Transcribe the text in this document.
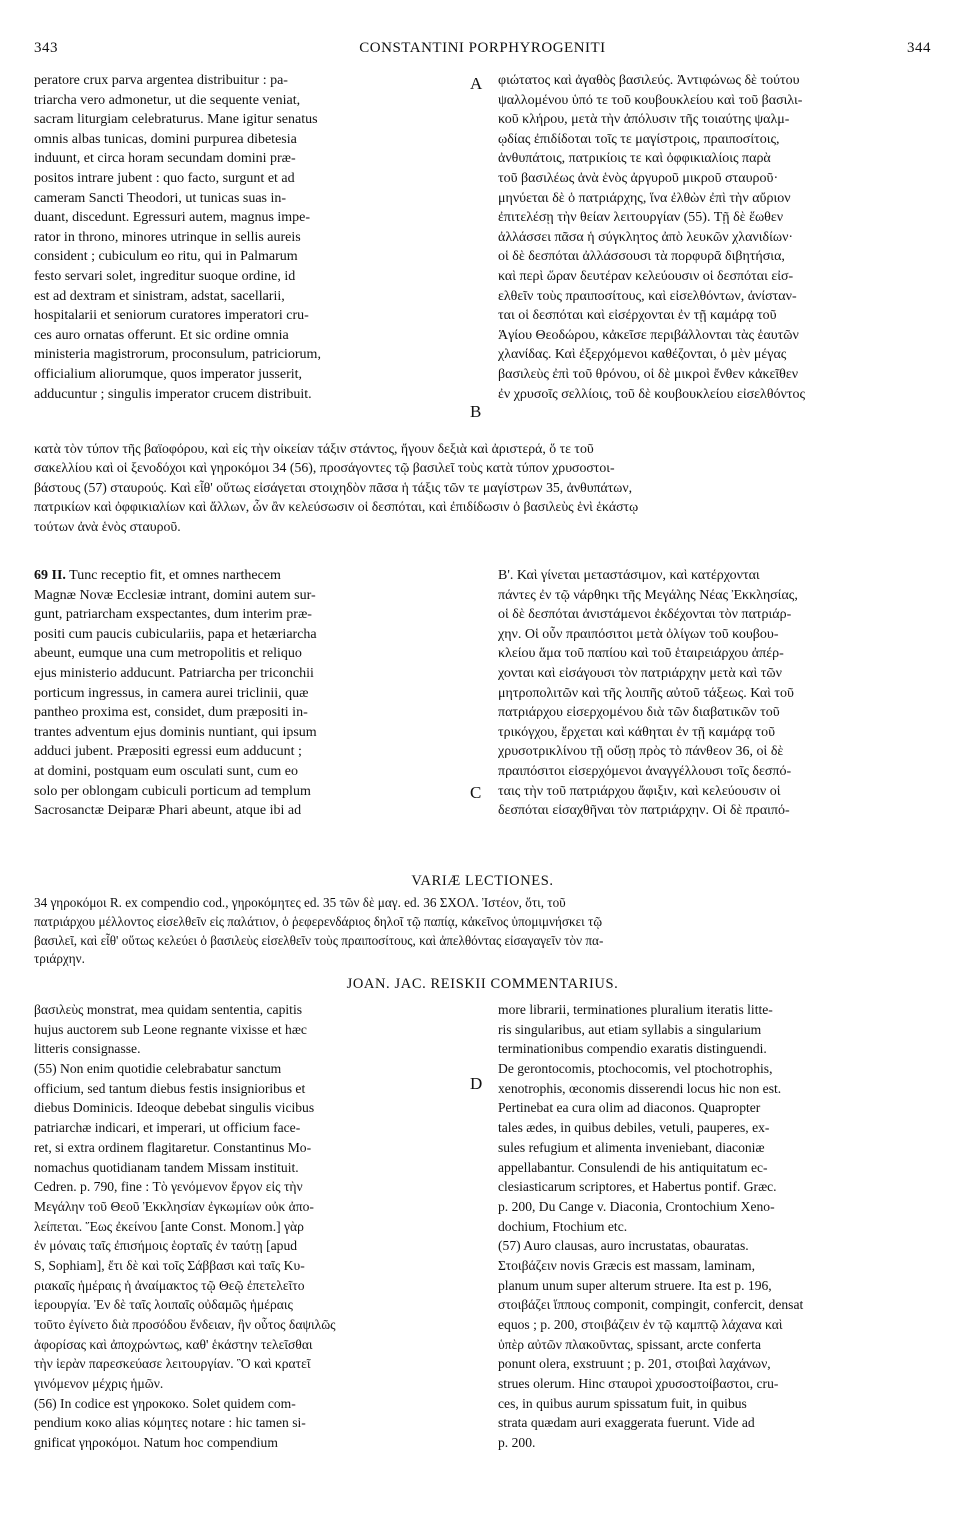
343	CONSTANTINI PORPHYROGENITI	344
peratore crux parva argentea distribuitur : pa-
triarcha vero admonetur, ut die sequente veniat,
sacram liturgiam celebraturus. Mane igitur senatus
omnis albas tunicas, domini purpurea dibetesia
induunt, et circa horam secundam domini præ-
positos intrare jubent : quo facto, surgunt et ad
cameram Sancti Theodori, ut tunicas suas in-
duant, discedunt. Egressuri autem, magnus impe-
rator in throno, minores utrinque in sellis aureis
consident ; cubiculum eo ritu, qui in Palmarum
festo servari solet, ingreditur suoque ordine, id
est ad dextram et sinistram, adstat, sacellarii,
hospitalarii et seniorum curatores imperatori cru-
ces auro ornatas offerunt. Et sic ordine omnia
ministeria magistrorum, proconsulum, patriciorum,
officialium aliorumque, quos imperator jusserit,
adducuntur ; singulis imperator crucem distribuit.
φιώτατος καὶ ἀγαθὸς βασιλεύς. Ἀντιφώνως δὲ τούτου
ψαλλομένου ὑπό τε τοῦ κουβουκλείου καὶ τοῦ βασιλι-
κοῦ κλήρου, μετὰ τὴν ἀπόλυσιν τῆς τοιαύτης ψαλμ-
ῳδίας ἐπιδίδοται τοῖς τε μαγίστροις, πραιποσίτοις,
ἀνθυπάτοις, πατρικίοις τε καὶ ὀφφικιαλίοις παρὰ
τοῦ βασιλέως ἀνὰ ἑνὸς ἀργυροῦ μικροῦ σταυροῦ·
μηνύεται δὲ ὁ πατριάρχης, ἵνα ἐλθὼν ἐπὶ τὴν αὔριον
ἐπιτελέσῃ τὴν θείαν λειτουργίαν (55). Τῇ δὲ ἕωθεν
ἀλλάσσει πᾶσα ἡ σύγκλητος ἀπὸ λευκῶν χλανιδίων·
οἱ δὲ δεσπόται ἀλλάσσουσι τὰ πορφυρᾶ διβητήσια,
καὶ περὶ ὥραν δευτέραν κελεύουσιν οἱ δεσπόται εἰσ-
ελθεῖν τοὺς πραιποσίτους, καὶ εἰσελθόντων, ἀνίσταν-
ται οἱ δεσπόται καὶ εἰσέρχονται ἐν τῇ καμάρᾳ τοῦ
Ἁγίου Θεοδώρου, κἀκεῖσε περιβάλλονται τὰς ἑαυτῶν
χλανίδας. Καὶ ἐξερχόμενοι καθέζονται, ὁ μὲν μέγας
βασιλεὺς ἐπὶ τοῦ θρόνου, οἱ δὲ μικροὶ ἔνθεν κἀκεῖθεν
ἐν χρυσοῖς σελλίοις, τοῦ δὲ κουβουκλείου εἰσελθόντος
A
B
κατὰ τὸν τύπον τῆς βαϊοφόρου, καὶ εἰς τὴν οἰκείαν τάξιν στάντος, ἤγουν δεξιὰ καὶ ἀριστερά, ὅ τε τοῦ
σακελλίου καὶ οἱ ξενοδόχοι καὶ γηροκόμοι 34 (56), προσάγοντες τῷ βασιλεῖ τοὺς κατὰ τύπον χρυσοστοι-
βάστους (57) σταυρούς. Καὶ εἶθ' οὕτως εἰσάγεται στοιχηδὸν πᾶσα ἡ τάξις τῶν τε μαγίστρων 35, ἀνθυπάτων,
πατρικίων καὶ ὀφφικιαλίων καὶ ἄλλων, ὧν ἂν κελεύσωσιν οἱ δεσπόται, καὶ ἐπιδίδωσιν ὁ βασιλεὺς ἑνὶ ἑκάστῳ
τούτων ἀνὰ ἑνὸς σταυροῦ.
69 II. Tunc receptio fit, et omnes narthecem
Magnæ Novæ Ecclesiæ intrant, domini autem sur-
gunt, patriarcham exspectantes, dum interim præ-
positi cum paucis cubiculariis, papa et hetæriarcha
abeunt, eumque una cum metropolitis et reliquo
ejus ministerio adducunt. Patriarcha per triconchii
porticum ingressus, in camera aurei triclinii, quæ
pantheo proxima est, considet, dum præpositi in-
trantes adventum ejus dominis nuntiant, qui ipsum
adduci jubent. Præpositi egressi eum adducunt ;
at domini, postquam eum osculati sunt, cum eo
solo per oblongam cubiculi porticum ad templum
Sacrosanctæ Deiparæ Phari abeunt, atque ibi ad
Β'. Καὶ γίνεται μεταστάσιμον, καὶ κατέρχονται
πάντες ἐν τῷ νάρθηκι τῆς Μεγάλης Νέας Ἐκκλησίας,
οἱ δὲ δεσπόται ἀνιστάμενοι ἐκδέχονται τὸν πατριάρ-
χην. Οἱ οὖν πραιπόσιτοι μετὰ ὀλίγων τοῦ κουβου-
κλείου ἅμα τοῦ παπίου καὶ τοῦ ἑταιρειάρχου ἀπέρ-
χονται καὶ εἰσάγουσι τὸν πατριάρχην μετὰ καὶ τῶν
μητροπολιτῶν καὶ τῆς λοιπῆς αὐτοῦ τάξεως. Καὶ τοῦ
πατριάρχου εἰσερχομένου διὰ τῶν διαβατικῶν τοῦ
τρικόγχου, ἔρχεται καὶ κάθηται ἐν τῇ καμάρᾳ τοῦ
χρυσοτρικλίνου τῇ οὔσῃ πρὸς τὸ πάνθεον 36, οἱ δὲ
πραιπόσιτοι εἰσερχόμενοι ἀναγγέλλουσι τοῖς δεσπό-
ταις τὴν τοῦ πατριάρχου ἄφιξιν, καὶ κελεύουσιν οἱ
δεσπόται εἰσαχθῆναι τὸν πατριάρχην. Οἱ δὲ πραιπό-
C
VARIÆ LECTIONES.
34 γηροκόμοι R. ex compendio cod., γηροκόμητες ed. 35 τῶν δὲ μαγ. ed. 36 ΣΧΟΛ. Ἰστέον, ὅτι, τοῦ
πατριάρχου μέλλοντος εἰσελθεῖν εἰς παλάτιον, ὁ ῥεφερενδάριος δηλοῖ τῷ παπίᾳ, κἀκεῖνος ὑπομιμνήσκει τῷ
βασιλεῖ, καὶ εἶθ' οὕτως κελεύει ὁ βασιλεὺς εἰσελθεῖν τοὺς πραιποσίτους, καὶ ἀπελθόντας εἰσαγαγεῖν τὸν πα-
τριάρχην.
JOAN. JAC. REISKII COMMENTARIUS.
βασιλεὺς monstrat, mea quidam sententia, capitis
hujus auctorem sub Leone regnante vixisse et hæc
litteris consignasse.
(55) Non enim quotidie celebrabatur sanctum
officium, sed tantum diebus festis insignioribus et
diebus Dominicis. Ideoque debebat singulis vicibus
patriarchæ indicari, et imperari, ut officium face-
ret, si extra ordinem flagitaretur. Constantinus Mo-
nomachus quotidianam tandem Missam instituit.
Cedren. p. 790, fine : Τὸ γενόμενον ἔργον εἰς τὴν
Μεγάλην τοῦ Θεοῦ Ἐκκλησίαν ἐγκωμίων οὐκ ἀπο-
λείπεται. Ἕως ἐκείνου [ante Const. Monom.] γὰρ
ἐν μόναις ταῖς ἐπισήμοις ἑορταῖς ἐν ταύτῃ [apud
S, Sophiam], ἔτι δὲ καὶ τοῖς Σάββασι καὶ ταῖς Κυ-
ριακαῖς ἡμέραις ἡ ἀναίμακτος τῷ Θεῷ ἐπετελεῖτο
ἱερουργία. Ἐν δὲ ταῖς λοιπαῖς οὐδαμῶς ἡμέραις
τοῦτο ἐγίνετο διὰ προσόδου ἔνδειαν, ἣν οὗτος δαψιλῶς
ἀφορίσας καὶ ἀποχρώντως, καθ' ἑκάστην τελεῖσθαι
τὴν ἱερὰν παρεσκεύασε λειτουργίαν. Ὃ καὶ κρατεῖ
γινόμενον μέχρις ἡμῶν.
(56) In codice est γηροκοκο. Solet quidem com-
pendium κοκο alias κόμητες notare : hic tamen si-
gnificat γηροκόμοι. Natum hoc compendium
more librarii, terminationes pluralium iteratis litte-
ris singularibus, aut etiam syllabis a singularium
terminationibus compendio exaratis distinguendi.
De gerontocomis, ptochocomis, vel ptochotrophis,
xenotrophis, œconomis disserendi locus hic non est.
Pertinebat ea cura olim ad diaconos. Quapropter
tales ædes, in quibus debiles, vetuli, pauperes, ex-
sules refugium et alimenta inveniebant, diaconiæ
appellabantur. Consulendi de his antiquitatum ec-
clesiasticarum scriptores, et Habertus pontif. Græc.
p. 200, Du Cange v. Diaconia, Crontochium Xeno-
dochium, Ftochium etc.
(57) Auro clausas, auro incrustatas, obauratas.
Στοιβάζειν novis Græcis est massam, laminam,
planum unum super alterum struere. Ita est p. 196,
στοιβάζει ἵππους componit, compingit, confercit, densat
equos ; p. 200, στοιβάζειν ἐν τῷ καμπτῷ λάχανα καὶ
ὑπὲρ αὐτῶν πλακοῦντας, spissant, arcte conferta
ponunt olera, exstruunt ; p. 201, στοιβαὶ λαχάνων,
strues olerum. Hinc σταυροὶ χρυσοστοίβαστοι, cru-
ces, in quibus aurum spissatum fuit, in quibus
strata quædam auri exaggerata fuerunt. Vide ad
p. 200.
D
